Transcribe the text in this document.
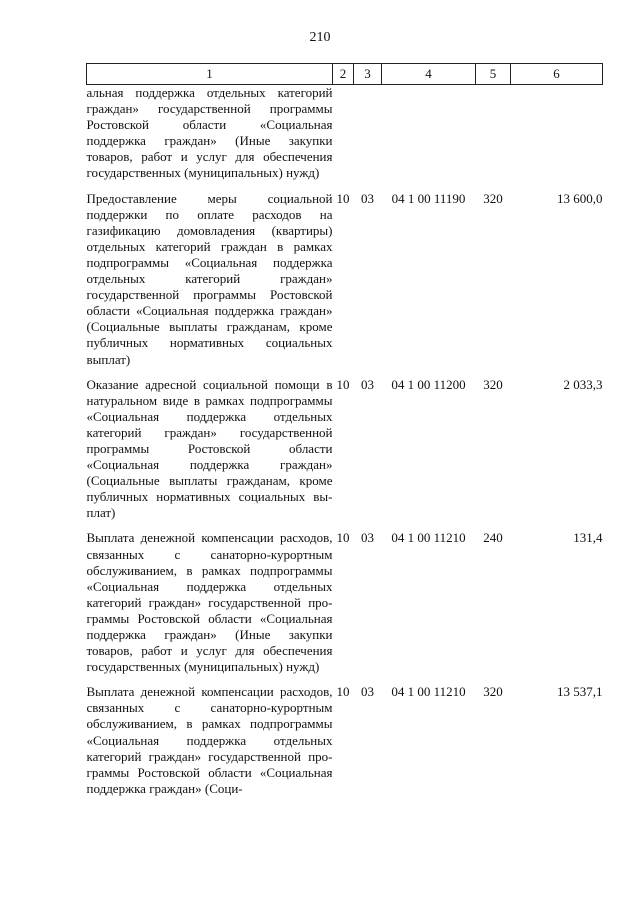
210
1	2	3	4	5	6
альная поддержка отдельных категорий граждан» государственной программы Ростовской области «Социальная поддержка граждан» (Иные закупки товаров, работ и услуг для обеспечения государственных (муниципальных) нужд)					
Предоставление меры социальной поддержки по оплате расходов на газификацию домовладения (квартиры) отдельных категорий граждан в рамках подпрограммы «Социальная поддержка отдельных категорий граждан» государственной программы Ростовской области «Социальная поддержка граждан» (Социальные выплаты гражданам, кроме публичных нормативных социальных выплат)	10	03	04 1 00 11190	320	13 600,0
Оказание адресной социальной помощи в натуральном виде в рамках подпрограммы «Социальная поддержка отдельных категорий граждан» государственной программы Ростовской области «Социальная поддержка граждан» (Социальные выплаты гражданам, кроме публичных нормативных социальных выплат)	10	03	04 1 00 11200	320	2 033,3
Выплата денежной компенсации расходов, связанных с санаторно-курортным обслуживанием, в рамках подпрограммы «Социальная поддержка отдельных категорий граждан» государственной программы Ростовской области «Социальная поддержка граждан» (Иные закупки товаров, работ и услуг для обеспечения государственных (муниципальных) нужд)	10	03	04 1 00 11210	240	131,4
Выплата денежной компенсации расходов, связанных с санаторно-курортным обслуживанием, в рамках подпрограммы «Социальная поддержка отдельных категорий граждан» государственной программы Ростовской области «Социальная поддержка граждан» (Соци-	10	03	04 1 00 11210	320	13 537,1
